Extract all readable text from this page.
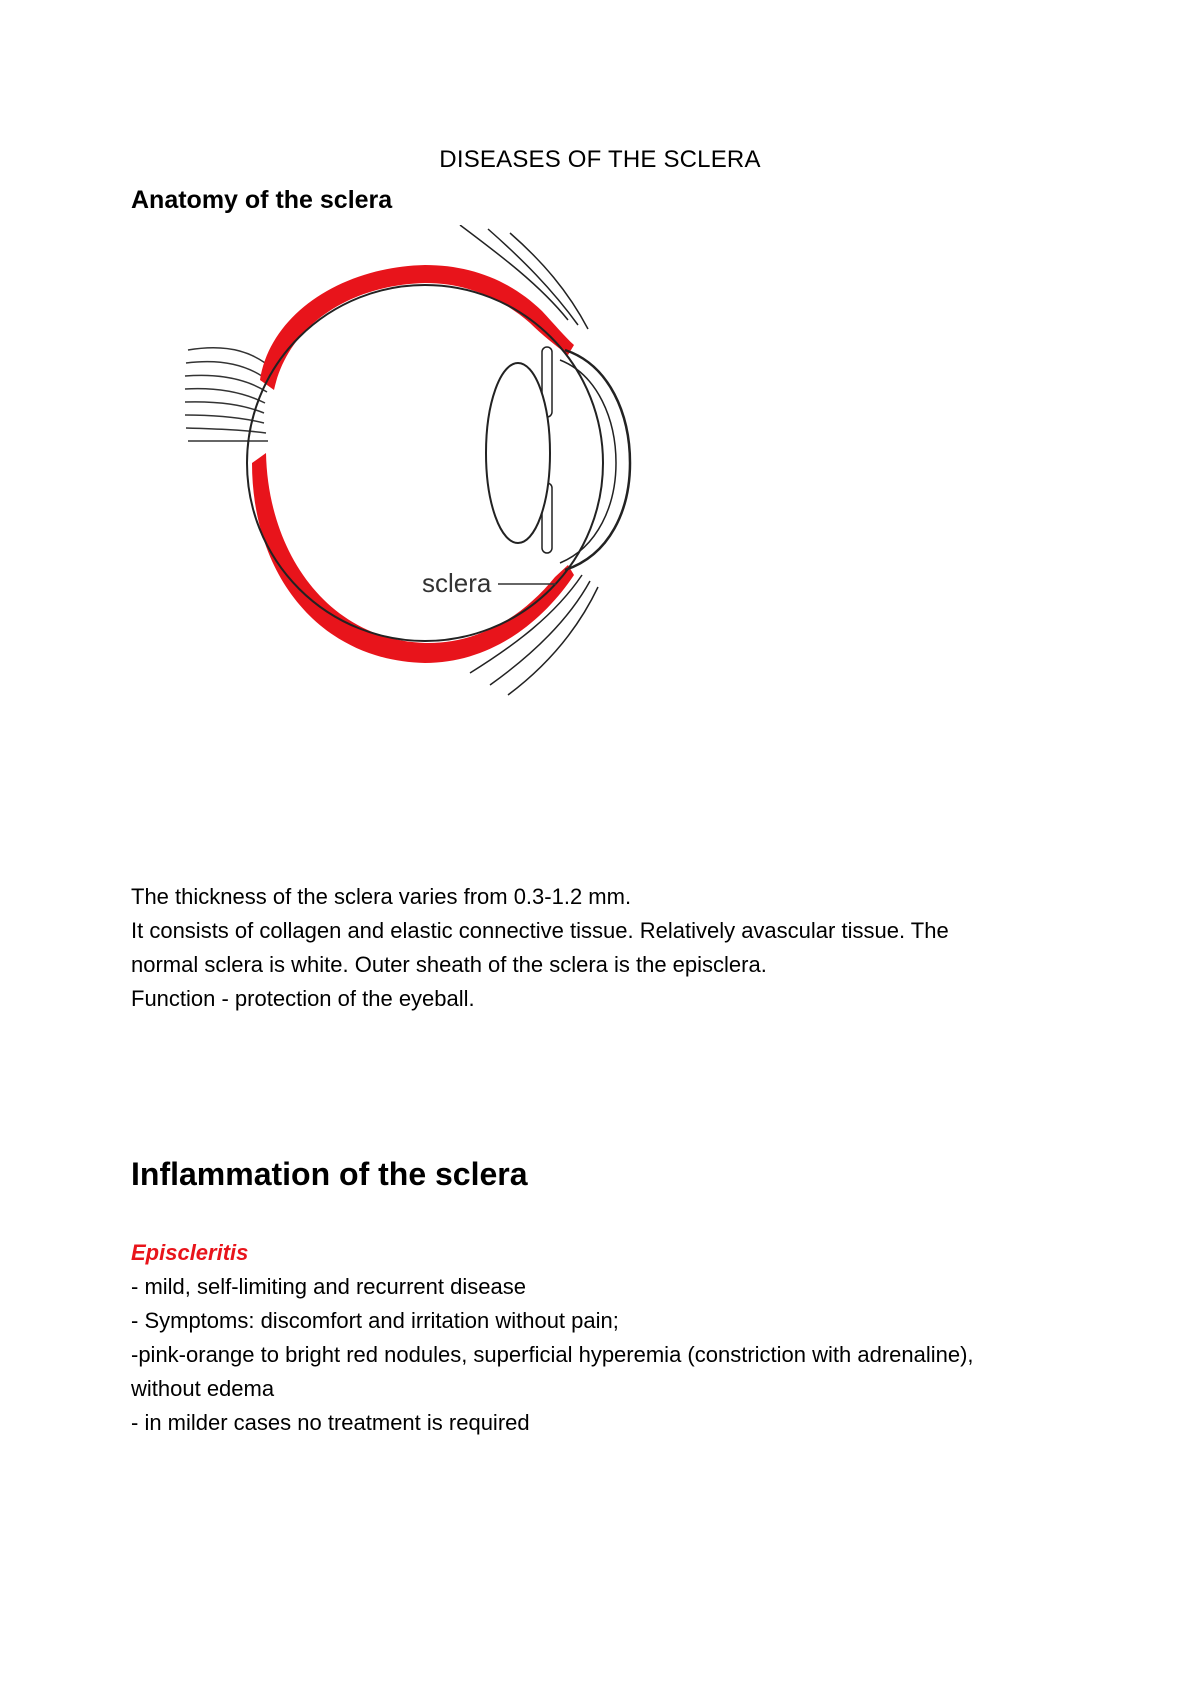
DISEASES OF THE SCLERA
Anatomy of the sclera
sclera

The thickness of the sclera varies from 0.3-1.2 mm.

It consists of collagen and elastic connective tissue. Relatively avascular tissue. The

normal sclera is white. Outer sheath of the sclera is the episclera.

Function - protection of the eyeball.

Inflammation of the sclera

Episcleritis

- mild, self-limiting and recurrent disease

- Symptoms: discomfort and irritation without pain;

-pink-orange to bright red nodules, superficial hyperemia (constriction with adrenaline),

without edema

- in milder cases no treatment is required
